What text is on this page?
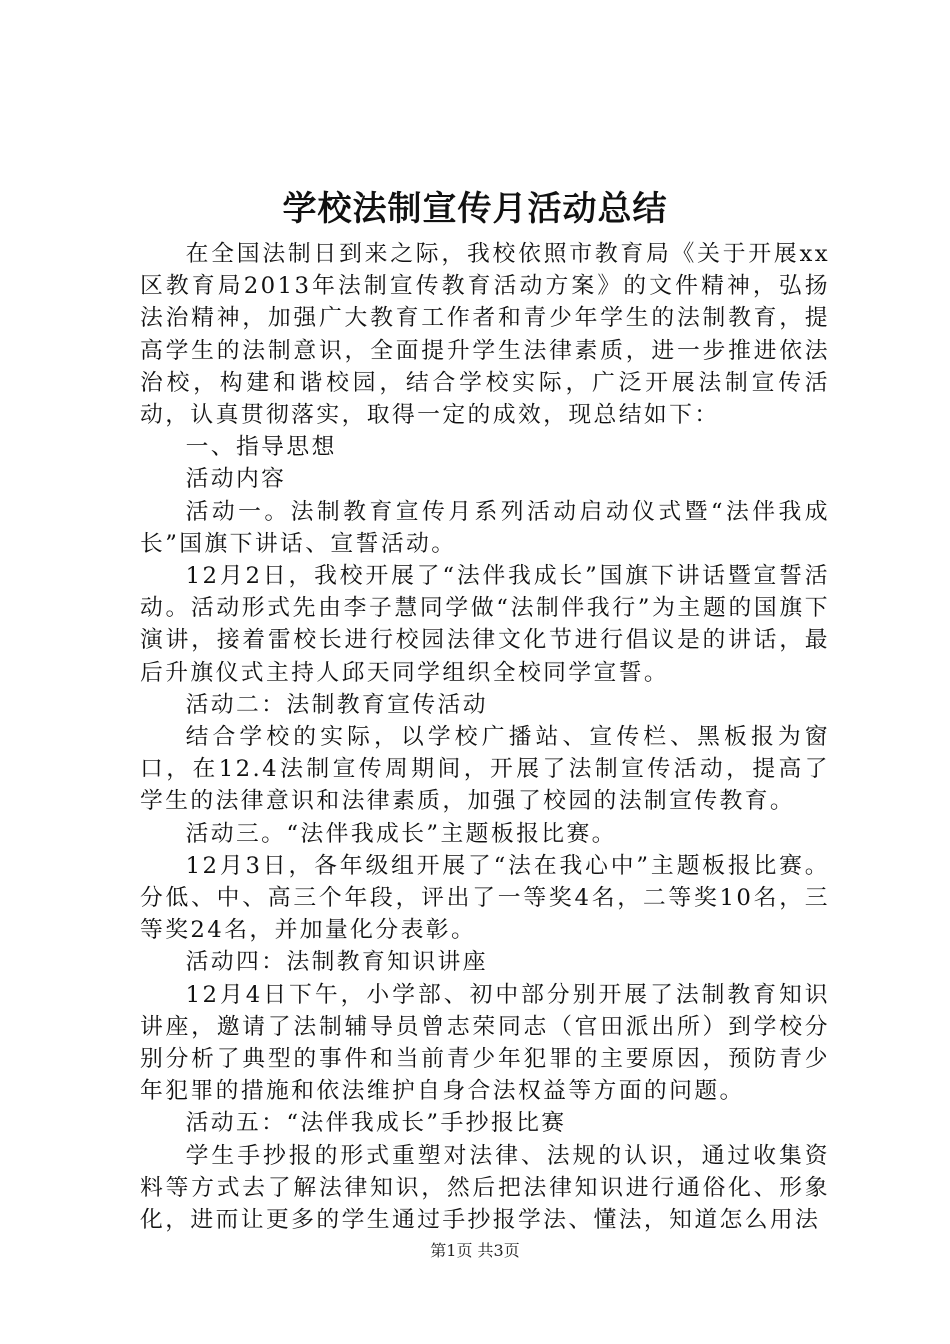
学校法制宣传月活动总结

在全国法制日到来之际，我校依照市教育局《关于开展xx区教育局2013年法制宣传教育活动方案》的文件精神，弘扬法治精神，加强广大教育工作者和青少年学生的法制教育，提高学生的法制意识，全面提升学生法律素质，进一步推进依法治校，构建和谐校园，结合学校实际，广泛开展法制宣传活动，认真贯彻落实，取得一定的成效，现总结如下：

一、指导思想

活动内容

活动一。法制教育宣传月系列活动启动仪式暨“法伴我成长”国旗下讲话、宣誓活动。

12月2日，我校开展了“法伴我成长”国旗下讲话暨宣誓活动。活动形式先由李子慧同学做“法制伴我行”为主题的国旗下演讲，接着雷校长进行校园法律文化节进行倡议是的讲话，最后升旗仪式主持人邱天同学组织全校同学宣誓。

活动二：法制教育宣传活动

结合学校的实际，以学校广播站、宣传栏、黑板报为窗口，在12.4法制宣传周期间，开展了法制宣传活动，提高了学生的法律意识和法律素质，加强了校园的法制宣传教育。

活动三。“法伴我成长”主题板报比赛。

12月3日，各年级组开展了“法在我心中”主题板报比赛。分低、中、高三个年段，评出了一等奖4名，二等奖10名，三等奖24名，并加量化分表彰。

活动四：法制教育知识讲座

12月4日下午，小学部、初中部分别开展了法制教育知识讲座，邀请了法制辅导员曾志荣同志（官田派出所）到学校分别分析了典型的事件和当前青少年犯罪的主要原因，预防青少年犯罪的措施和依法维护自身合法权益等方面的问题。

活动五：“法伴我成长”手抄报比赛

学生手抄报的形式重塑对法律、法规的认识，通过收集资料等方式去了解法律知识，然后把法律知识进行通俗化、形象化，进而让更多的学生通过手抄报学法、懂法，知道怎么用法

第1页 共3页
